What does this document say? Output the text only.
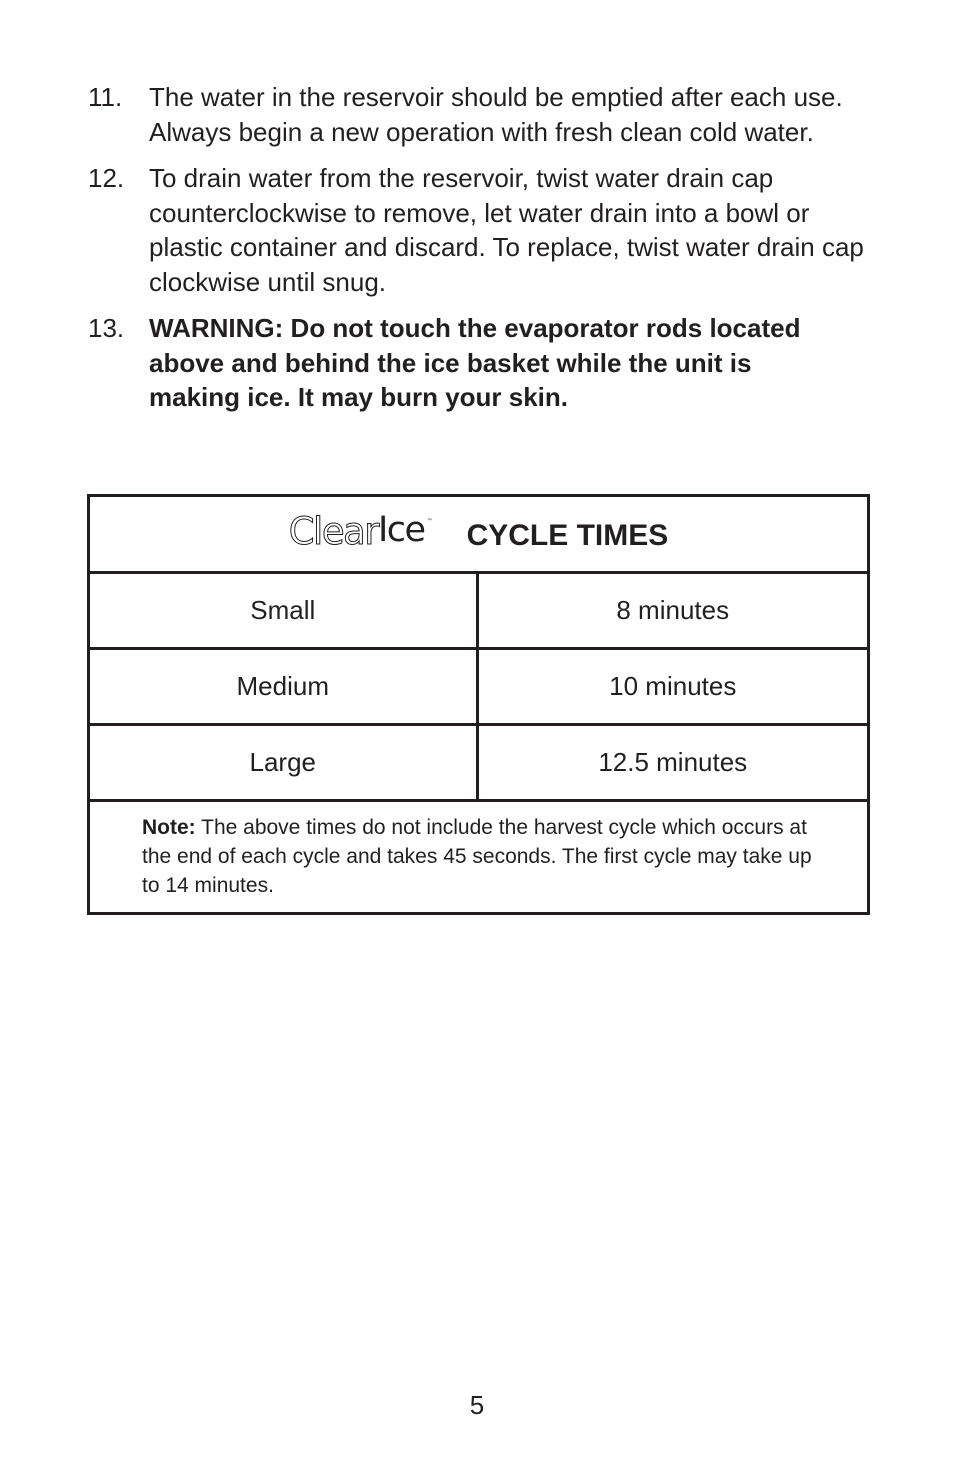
11. The water in the reservoir should be emptied after each use. Always begin a new operation with fresh clean cold water.
12. To drain water from the reservoir, twist water drain cap counterclockwise to remove, let water drain into a bowl or plastic container and discard. To replace, twist water drain cap clockwise until snug.
13. WARNING: Do not touch the evaporator rods located above and behind the ice basket while the unit is making ice. It may burn your skin.
Clear Ice ™ CYCLE TIMES
Small	8 minutes
Medium	10 minutes
Large	12.5 minutes
Note: The above times do not include the harvest cycle which occurs at the end of each cycle and takes 45 seconds. The first cycle may take up to 14 minutes.
5
